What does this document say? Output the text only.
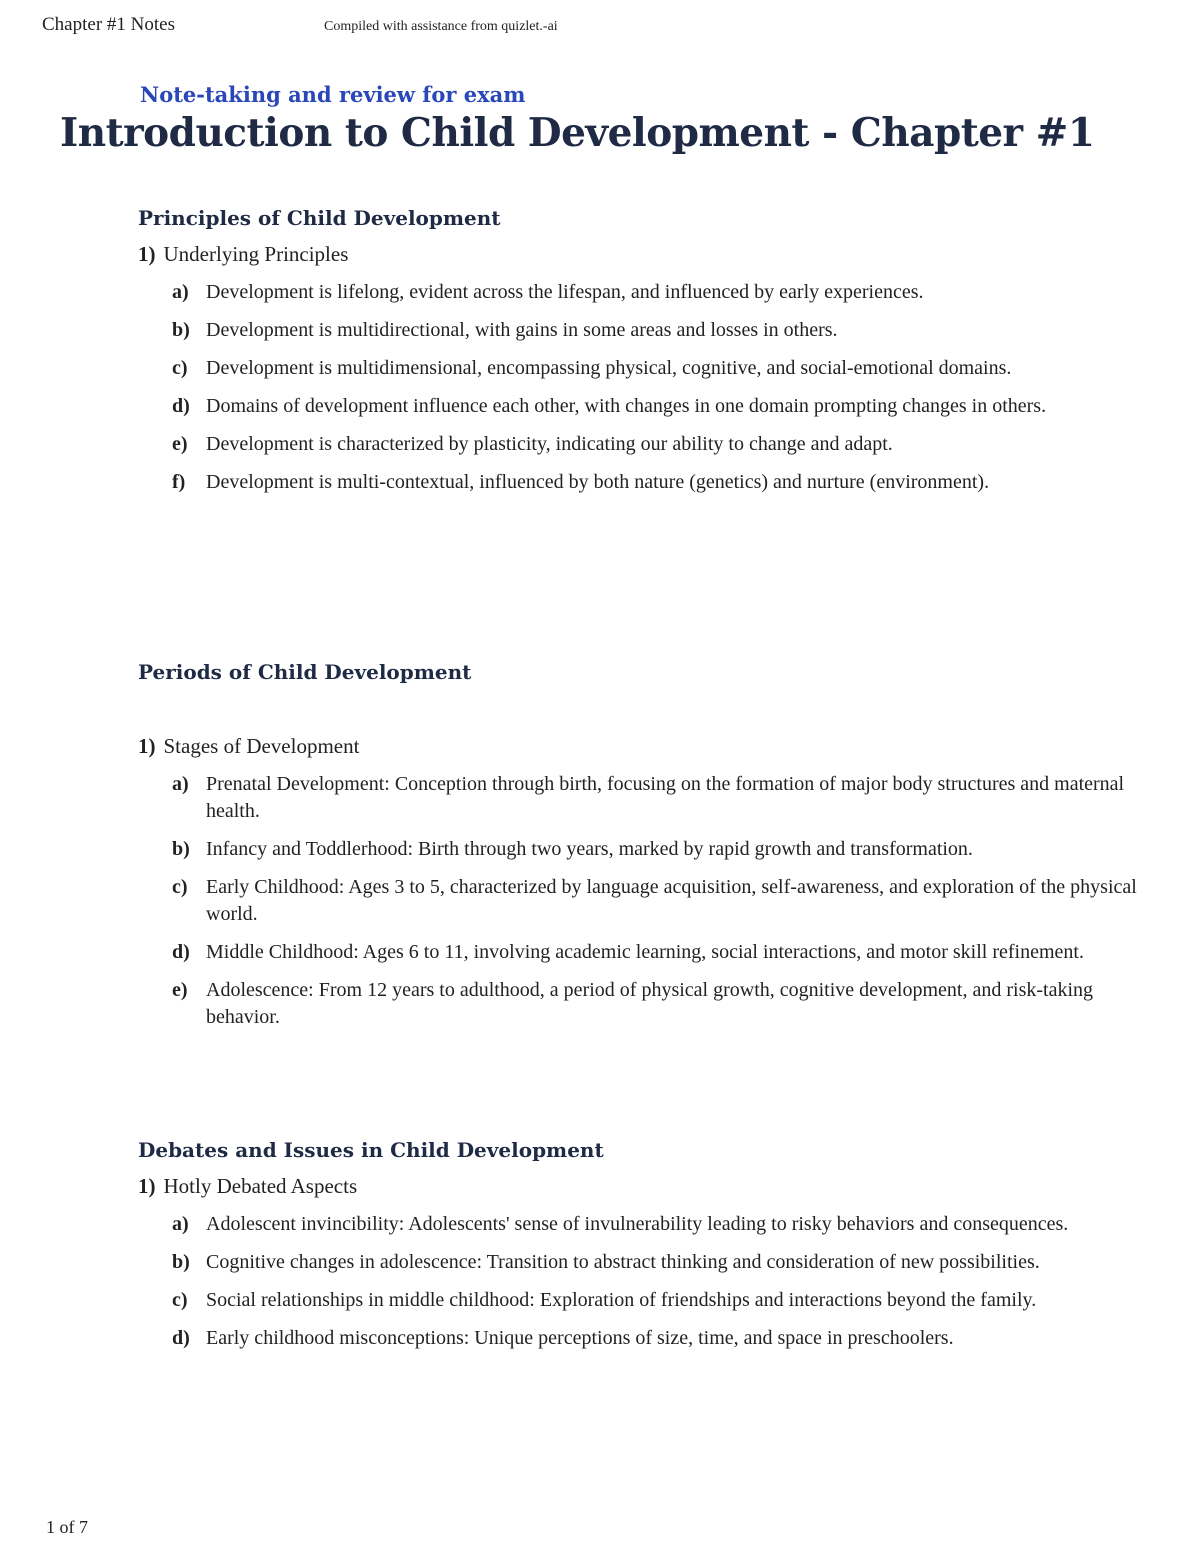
Chapter #1 Notes	Compiled with assistance from quizlet.-ai
Note-taking and review for exam
Introduction to Child Development - Chapter #1
Principles of Child Development
1) Underlying Principles
a) Development is lifelong, evident across the lifespan, and influenced by early experiences.
b) Development is multidirectional, with gains in some areas and losses in others.
c) Development is multidimensional, encompassing physical, cognitive, and social-emotional domains.
d) Domains of development influence each other, with changes in one domain prompting changes in others.
e) Development is characterized by plasticity, indicating our ability to change and adapt.
f) Development is multi-contextual, influenced by both nature (genetics) and nurture (environment).
Periods of Child Development
1) Stages of Development
a) Prenatal Development: Conception through birth, focusing on the formation of major body structures and maternal health.
b) Infancy and Toddlerhood: Birth through two years, marked by rapid growth and transformation.
c) Early Childhood: Ages 3 to 5, characterized by language acquisition, self-awareness, and exploration of the physical world.
d) Middle Childhood: Ages 6 to 11, involving academic learning, social interactions, and motor skill refinement.
e) Adolescence: From 12 years to adulthood, a period of physical growth, cognitive development, and risk-taking behavior.
Debates and Issues in Child Development
1) Hotly Debated Aspects
a) Adolescent invincibility: Adolescents' sense of invulnerability leading to risky behaviors and consequences.
b) Cognitive changes in adolescence: Transition to abstract thinking and consideration of new possibilities.
c) Social relationships in middle childhood: Exploration of friendships and interactions beyond the family.
d) Early childhood misconceptions: Unique perceptions of size, time, and space in preschoolers.
1 of 7
